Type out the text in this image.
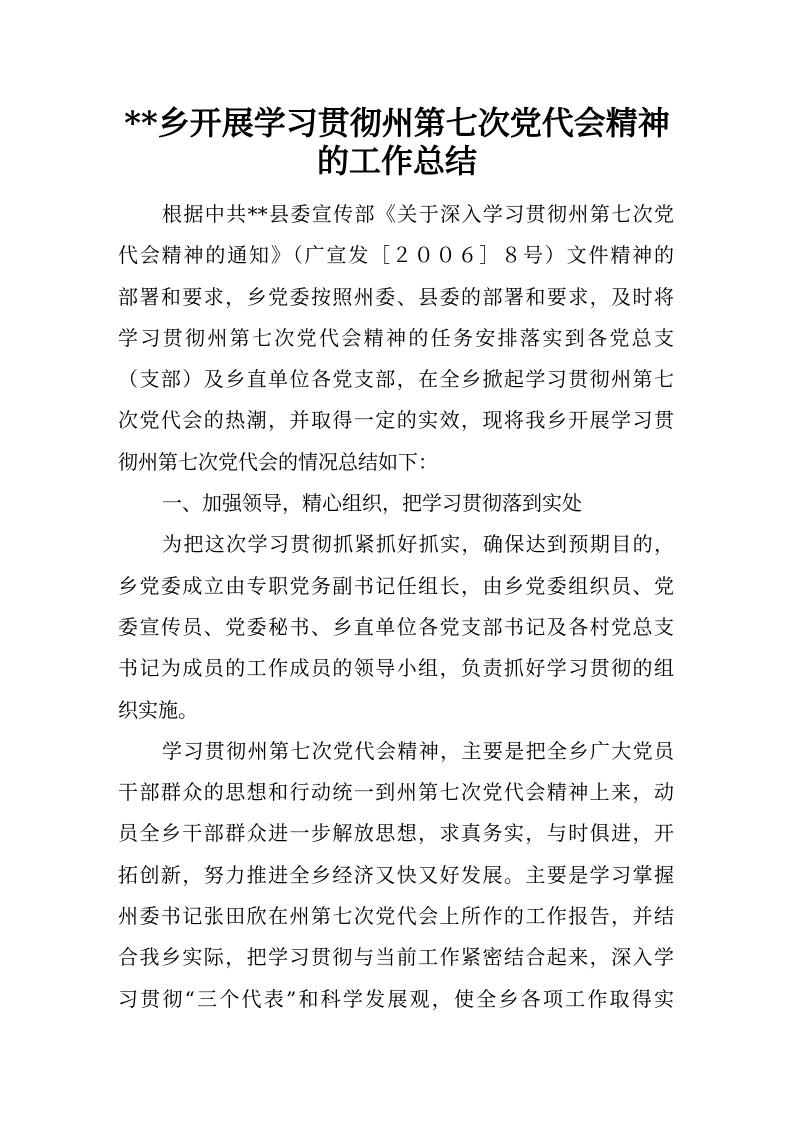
**乡开展学习贯彻州第七次党代会精神
的工作总结
根据中共**县委宣传部《关于深入学习贯彻州第七次党
代会精神的通知》（广宣发［２００６］８号）文件精神的
部署和要求，乡党委按照州委、县委的部署和要求，及时将
学习贯彻州第七次党代会精神的任务安排落实到各党总支
（支部）及乡直单位各党支部，在全乡掀起学习贯彻州第七
次党代会的热潮，并取得一定的实效，现将我乡开展学习贯
彻州第七次党代会的情况总结如下：
一、加强领导，精心组织，把学习贯彻落到实处
为把这次学习贯彻抓紧抓好抓实，确保达到预期目的，
乡党委成立由专职党务副书记任组长，由乡党委组织员、党
委宣传员、党委秘书、乡直单位各党支部书记及各村党总支
书记为成员的工作成员的领导小组，负责抓好学习贯彻的组
织实施。
学习贯彻州第七次党代会精神，主要是把全乡广大党员
干部群众的思想和行动统一到州第七次党代会精神上来，动
员全乡干部群众进一步解放思想，求真务实，与时俱进，开
拓创新，努力推进全乡经济又快又好发展。主要是学习掌握
州委书记张田欣在州第七次党代会上所作的工作报告，并结
合我乡实际，把学习贯彻与当前工作紧密结合起来，深入学
习贯彻“三个代表”和科学发展观，使全乡各项工作取得实
